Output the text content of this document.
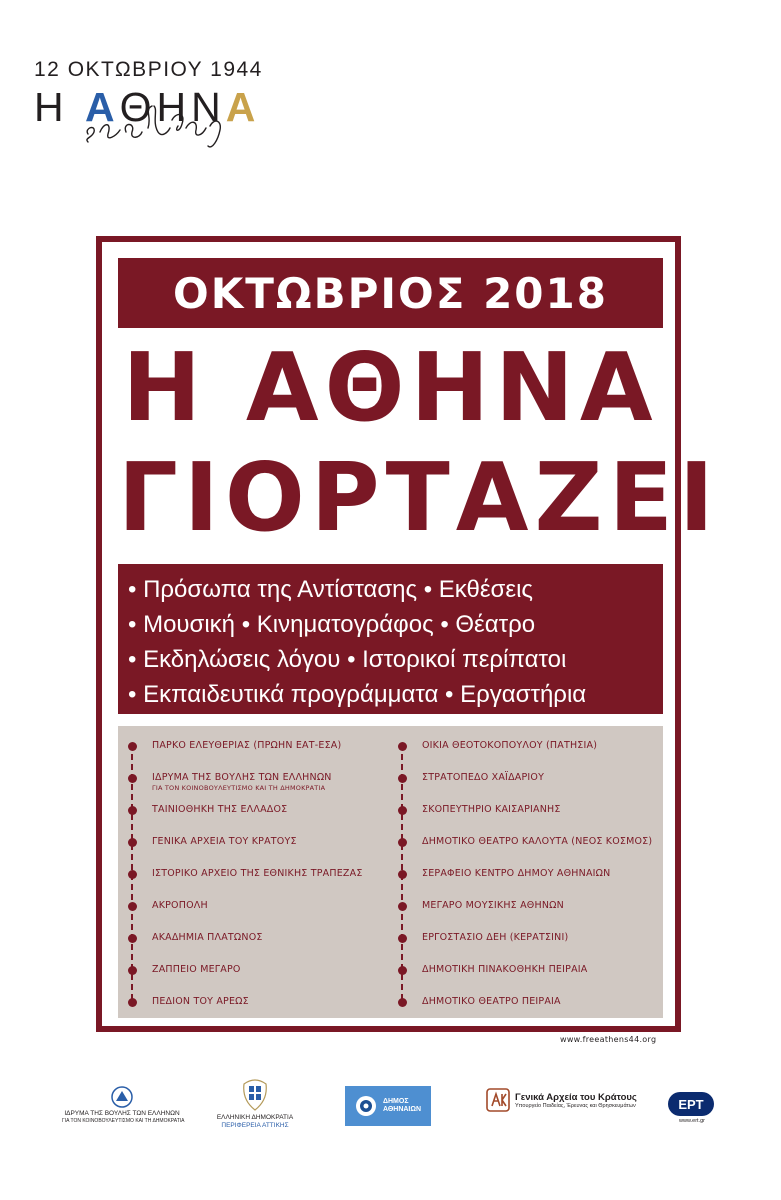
12 ΟΚΤΩΒΡΙΟΥ 1944
Η ΑΘΗΝΑ
ΟΚΤΩΒΡΙΟΣ 2018
Η ΑΘΗΝΑ
ΓΙΟΡΤΑΖΕΙ
• Πρόσωπα της Αντίστασης • Εκθέσεις
• Μουσική • Κινηματογράφος • Θέατρο
• Εκδηλώσεις λόγου • Ιστορικοί περίπατοι
• Εκπαιδευτικά προγράμματα • Εργαστήρια
ΠΑΡΚΟ ΕΛΕΥΘΕΡΙΑΣ (ΠΡΩΗΝ ΕΑΤ-ΕΣΑ)
ΙΔΡΥΜΑ ΤΗΣ ΒΟΥΛΗΣ ΤΩΝ ΕΛΛΗΝΩΝ
ΓΙΑ ΤΟΝ ΚΟΙΝΟΒΟΥΛΕΥΤΙΣΜΟ ΚΑΙ ΤΗ ΔΗΜΟΚΡΑΤΙΑ
ΤΑΙΝΙΟΘΗΚΗ ΤΗΣ ΕΛΛΑΔΟΣ
ΓΕΝΙΚΑ ΑΡΧΕΙΑ ΤΟΥ ΚΡΑΤΟΥΣ
ΙΣΤΟΡΙΚΟ ΑΡΧΕΙΟ ΤΗΣ ΕΘΝΙΚΗΣ ΤΡΑΠΕΖΑΣ
ΑΚΡΟΠΟΛΗ
ΑΚΑΔΗΜΙΑ ΠΛΑΤΩΝΟΣ
ΖΑΠΠΕΙΟ ΜΕΓΑΡΟ
ΠΕΔΙΟΝ ΤΟΥ ΑΡΕΩΣ
ΟΙΚΙΑ ΘΕΟΤΟΚΟΠΟΥΛΟΥ (ΠΑΤΗΣΙΑ)
ΣΤΡΑΤΟΠΕΔΟ ΧΑΪΔΑΡΙΟΥ
ΣΚΟΠΕΥΤΗΡΙΟ ΚΑΙΣΑΡΙΑΝΗΣ
ΔΗΜΟΤΙΚΟ ΘΕΑΤΡΟ ΚΑΛΟΥΤΑ (ΝΕΟΣ ΚΟΣΜΟΣ)
ΣΕΡΑΦΕΙΟ ΚΕΝΤΡΟ ΔΗΜΟΥ ΑΘΗΝΑΙΩΝ
ΜΕΓΑΡΟ ΜΟΥΣΙΚΗΣ ΑΘΗΝΩΝ
ΕΡΓΟΣΤΑΣΙΟ ΔΕΗ (ΚΕΡΑΤΣΙΝΙ)
ΔΗΜΟΤΙΚΗ ΠΙΝΑΚΟΘΗΚΗ ΠΕΙΡΑΙΑ
ΔΗΜΟΤΙΚΟ ΘΕΑΤΡΟ ΠΕΙΡΑΙΑ
www.freeathens44.org
ΙΔΡΥΜΑ ΤΗΣ ΒΟΥΛΗΣ ΤΩΝ ΕΛΛΗΝΩΝ
ΓΙΑ ΤΟΝ ΚΟΙΝΟΒΟΥΛΕΥΤΙΣΜΟ ΚΑΙ ΤΗ ΔΗΜΟΚΡΑΤΙΑ	ΕΛΛΗΝΙΚΗ ΔΗΜΟΚΡΑΤΙΑ
ΠΕΡΙΦΕΡΕΙΑ ΑΤΤΙΚΗΣ
ΔΗΜΟΣ
ΑΘΗΝΑΙΩΝ
Γενικά Αρχεία του Κράτους
Υπουργείο Παιδείας, Έρευνας και Θρησκευμάτων	ΕΡΤ
www.ert.gr
